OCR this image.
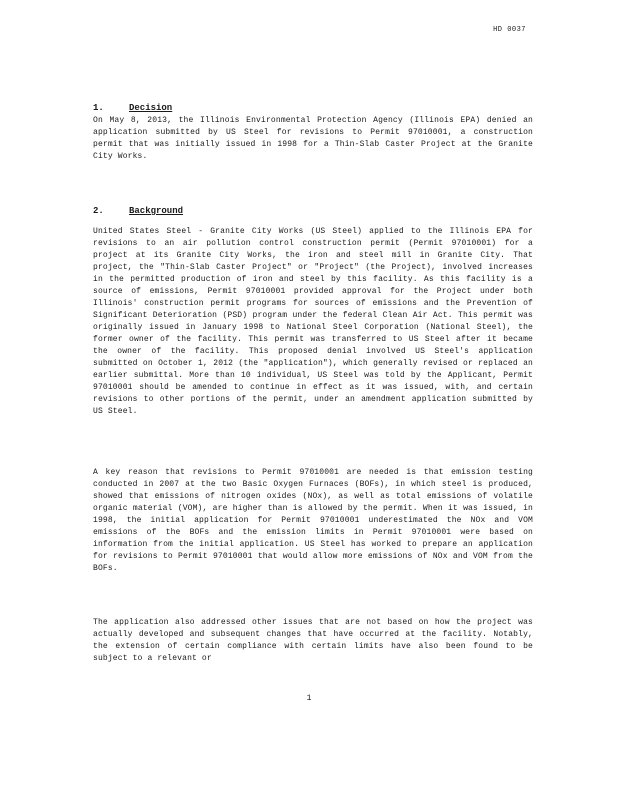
HD 0037
1.	Decision

On May 8, 2013, the Illinois Environmental Protection Agency (Illinois EPA) denied an application submitted by US Steel for revisions to Permit 97010001, a construction permit that was initially issued in 1998 for a Thin-Slab Caster Project at the Granite City Works.

2.	Background

United States Steel - Granite City Works (US Steel) applied to the Illinois EPA for revisions to an air pollution control construction permit (Permit 97010001) for a project at its Granite City Works, the iron and steel mill in Granite City. That project, the "Thin-Slab Caster Project" or "Project" (the Project), involved increases in the permitted production of iron and steel by this facility. As this facility is a source of emissions, Permit 97010001 provided approval for the Project under both Illinois' construction permit programs for sources of emissions and the Prevention of Significant Deterioration (PSD) program under the federal Clean Air Act. This permit was originally issued in January 1998 to National Steel Corporation (National Steel), the former owner of the facility. This permit was transferred to US Steel after it became the owner of the facility. This proposed denial involved US Steel's application submitted on October 1, 2012 (the "application"), which generally revised or replaced an earlier submittal. More than 10 individual, US Steel was told by the Applicant, Permit 97010001 should be amended to continue in effect as it was issued, with, and certain revisions to other portions of the permit, under an amendment application submitted by US Steel.

A key reason that revisions to Permit 97010001 are needed is that emission testing conducted in 2007 at the two Basic Oxygen Furnaces (BOFs), in which steel is produced, showed that emissions of nitrogen oxides (NOx), as well as total emissions of volatile organic material (VOM), are higher than is allowed by the permit. When it was issued, in 1998, the initial application for Permit 97010001 underestimated the NOx and VOM emissions of the BOFs and the emission limits in Permit 97010001 were based on information from the initial application. US Steel has worked to prepare an application for revisions to Permit 97010001 that would allow more emissions of NOx and VOM from the BOFs.

The application also addressed other issues that are not based on how the project was actually developed and subsequent changes that have occurred at the facility. Notably, the extension of certain compliance with certain limits have also been found to be subject to a relevant or

1
